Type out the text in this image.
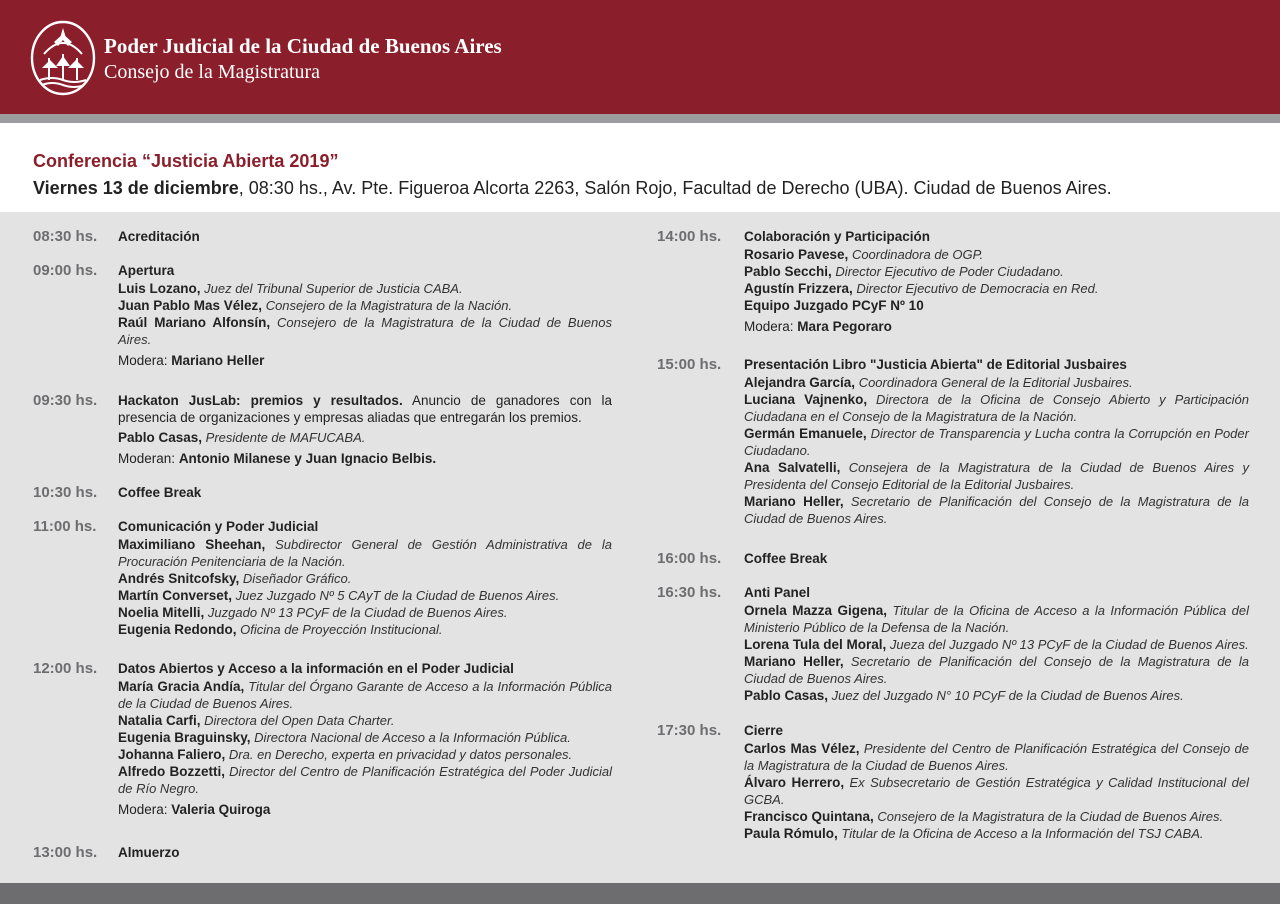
Poder Judicial de la Ciudad de Buenos Aires
Consejo de la Magistratura
Conferencia “Justicia Abierta 2019”
Viernes 13 de diciembre, 08:30 hs., Av. Pte. Figueroa Alcorta 2263, Salón Rojo, Facultad de Derecho (UBA). Ciudad de Buenos Aires.
08:30 hs. Acreditación
09:00 hs. Apertura
Luis Lozano, Juez del Tribunal Superior de Justicia CABA.
Juan Pablo Mas Vélez, Consejero de la Magistratura de la Nación.
Raúl Mariano Alfonsín, Consejero de la Magistratura de la Ciudad de Buenos Aires.
Modera: Mariano Heller
09:30 hs. Hackaton JusLab: premios y resultados. Anuncio de ganadores con la presencia de organizaciones y empresas aliadas que entregarán los premios.
Pablo Casas, Presidente de MAFUCABA.
Moderan: Antonio Milanese y Juan Ignacio Belbis.
10:30 hs. Coffee Break
11:00 hs. Comunicación y Poder Judicial
Maximiliano Sheehan, Subdirector General de Gestión Administrativa de la Procuración Penitenciaria de la Nación.
Andrés Snitcofsky, Diseñador Gráfico.
Martín Converset, Juez Juzgado Nº 5 CAyT de la Ciudad de Buenos Aires.
Noelia Mitelli, Juzgado Nº 13 PCyF de la Ciudad de Buenos Aires.
Eugenia Redondo, Oficina de Proyección Institucional.
12:00 hs. Datos Abiertos y Acceso a la información en el Poder Judicial
María Gracia Andía, Titular del Órgano Garante de Acceso a la Información Pública de la Ciudad de Buenos Aires.
Natalia Carfi, Directora del Open Data Charter.
Eugenia Braguinsky, Directora Nacional de Acceso a la Información Pública.
Johanna Faliero, Dra. en Derecho, experta en privacidad y datos personales.
Alfredo Bozzetti, Director del Centro de Planificación Estratégica del Poder Judicial de Río Negro.
Modera: Valeria Quiroga
13:00 hs. Almuerzo
14:00 hs. Colaboración y Participación
Rosario Pavese, Coordinadora de OGP.
Pablo Secchi, Director Ejecutivo de Poder Ciudadano.
Agustín Frizzera, Director Ejecutivo de Democracia en Red.
Equipo Juzgado PCyF Nº 10
Modera: Mara Pegoraro
15:00 hs. Presentación Libro "Justicia Abierta" de Editorial Jusbaires
Alejandra García, Coordinadora General de la Editorial Jusbaires.
Luciana Vajnenko, Directora de la Oficina de Consejo Abierto y Participación Ciudadana en el Consejo de la Magistratura de la Nación.
Germán Emanuele, Director de Transparencia y Lucha contra la Corrupción en Poder Ciudadano.
Ana Salvatelli, Consejera de la Magistratura de la Ciudad de Buenos Aires y Presidenta del Consejo Editorial de la Editorial Jusbaires.
Mariano Heller, Secretario de Planificación del Consejo de la Magistratura de la Ciudad de Buenos Aires.
16:00 hs. Coffee Break
16:30 hs. Anti Panel
Ornela Mazza Gigena, Titular de la Oficina de Acceso a la Información Pública del Ministerio Público de la Defensa de la Nación.
Lorena Tula del Moral, Jueza del Juzgado Nº 13 PCyF de la Ciudad de Buenos Aires.
Mariano Heller, Secretario de Planificación del Consejo de la Magistratura de la Ciudad de Buenos Aires.
Pablo Casas, Juez del Juzgado N° 10 PCyF de la Ciudad de Buenos Aires.
17:30 hs. Cierre
Carlos Mas Vélez, Presidente del Centro de Planificación Estratégica del Consejo de la Magistratura de la Ciudad de Buenos Aires.
Álvaro Herrero, Ex Subsecretario de Gestión Estratégica y Calidad Institucional del GCBA.
Francisco Quintana, Consejero de la Magistratura de la Ciudad de Buenos Aires.
Paula Rómulo, Titular de la Oficina de Acceso a la Información del TSJ CABA.
